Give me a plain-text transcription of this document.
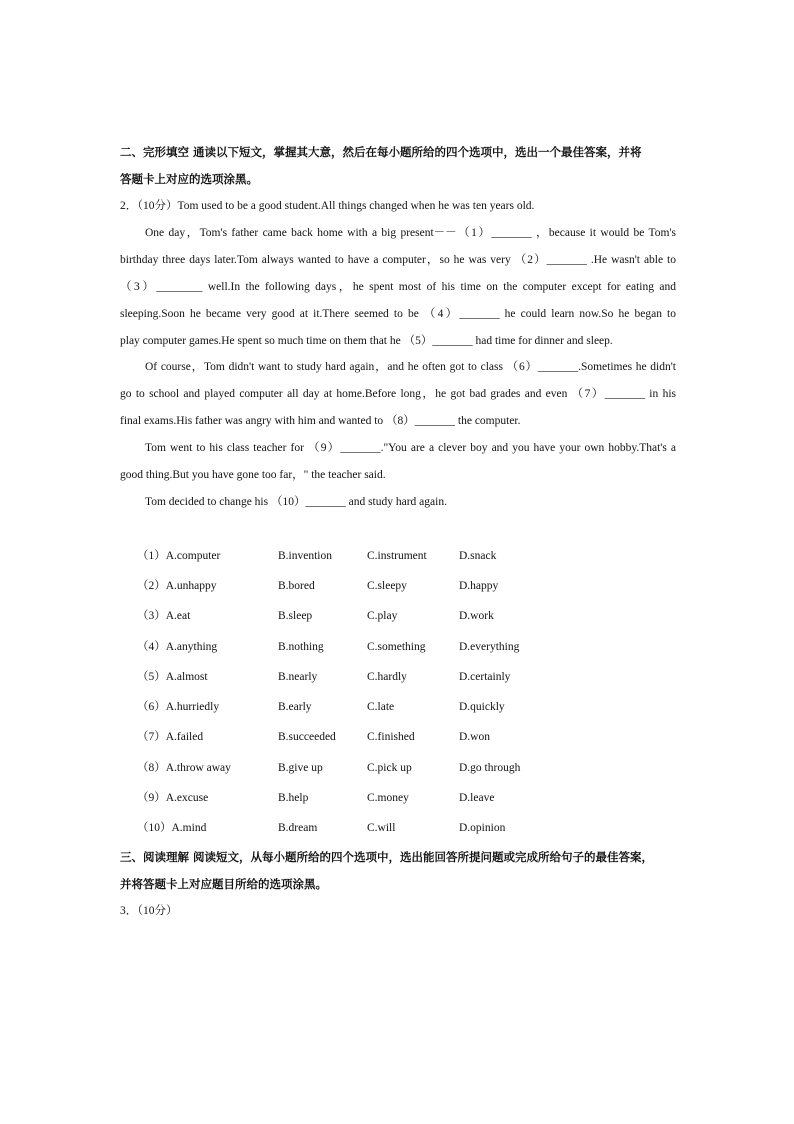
二、完形填空 通读以下短文，掌握其大意，然后在每小题所给的四个选项中，选出一个最佳答案，并将
答题卡上对应的选项涂黑。
2．（10分）Tom used to be a good student.All things changed when he was ten years old.
One day，Tom's father came back home with a big present－－（1）_______ ，because it would be Tom's
birthday three days later.Tom always wanted to have a computer，so he was very （2）_______ .He wasn't able to
（3）________ well.In the following days，he spent most of his time on the computer except for eating and
sleeping.Soon he became very good at it.There seemed to be （4）_______ he could learn now.So he began to
play computer games.He spent so much time on them that he （5）_______ had time for dinner and sleep.
Of course，Tom didn't want to study hard again，and he often got to class （6）_______.Sometimes he didn't
go to school and played computer all day at home.Before long，he got bad grades and even （7）_______ in his
final exams.His father was angry with him and wanted to （8）_______ the computer.
Tom went to his class teacher for （9）_______."You are a clever boy and you have your own hobby.That's a
good thing.But you have gone too far，" the teacher said.
Tom decided to change his （10）_______ and study hard again.
（1）A.computer	B.invention	C.instrument	D.snack
（2）A.unhappy	B.bored	C.sleepy	D.happy
（3）A.eat	B.sleep	C.play	D.work
（4）A.anything	B.nothing	C.something	D.everything
（5）A.almost	B.nearly	C.hardly	D.certainly
（6）A.hurriedly	B.early	C.late	D.quickly
（7）A.failed	B.succeeded	C.finished	D.won
（8）A.throw away	B.give up	C.pick up	D.go through
（9）A.excuse	B.help	C.money	D.leave
（10）A.mind	B.dream	C.will	D.opinion
三、阅读理解 阅读短文，从每小题所给的四个选项中，选出能回答所提问题或完成所给句子的最佳答案，
并将答题卡上对应题目所给的选项涂黑。
3．（10分）
